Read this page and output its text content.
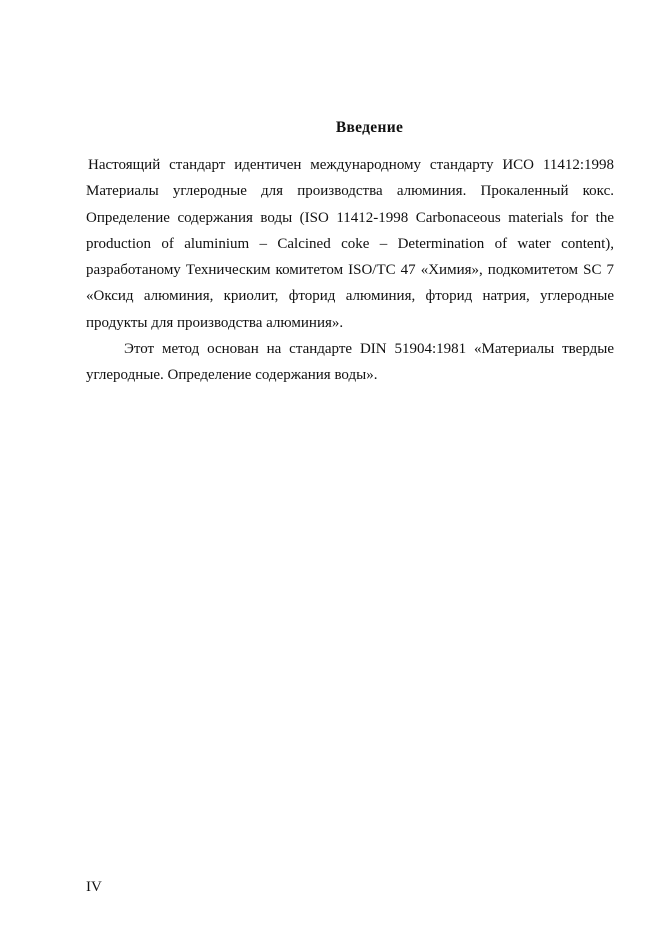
Введение

Настоящий стандарт идентичен международному стандарту ИСО 11412:1998 Материалы углеродные для производства алюминия. Прокаленный кокс. Определение содержания воды (ISO 11412-1998 Carbonaceous materials for the production of aluminium – Calcined coke – Determination of water content), разработаному Техническим комитетом ISO/TC 47 «Химия», подкомитетом SC 7 «Оксид алюминия, криолит, фторид алюминия, фторид натрия, углеродные продукты для производства алюминия».

Этот метод основан на стандарте DIN 51904:1981 «Материалы твердые углеродные. Определение содержания воды».

IV
